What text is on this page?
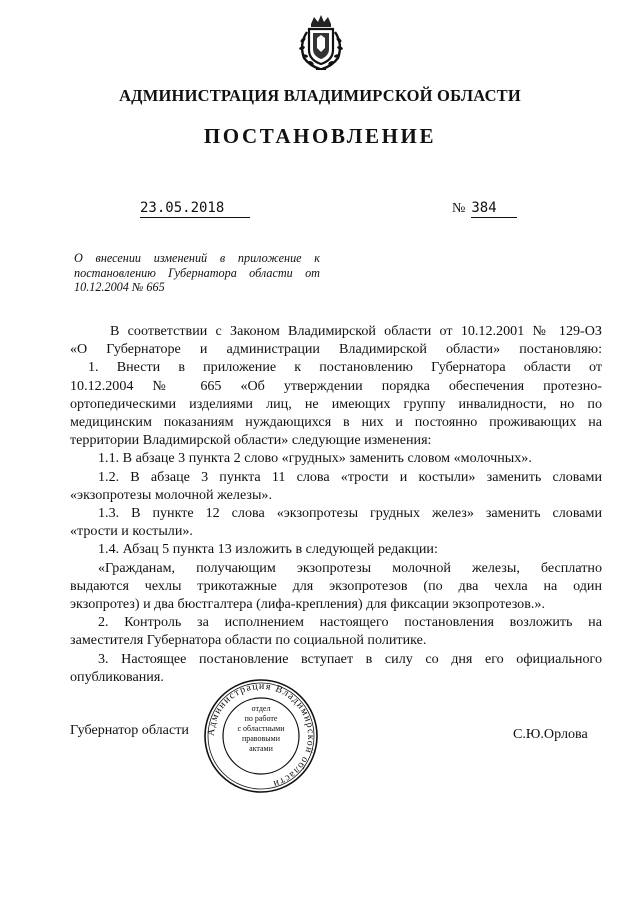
АДМИНИСТРАЦИЯ ВЛАДИМИРСКОЙ ОБЛАСТИ
ПОСТАНОВЛЕНИЕ
23.05.2018	№ 384
О внесении изменений в приложение к
постановлению Губернатора области от
10.12.2004 № 665
В соответствии с Законом Владимирской области от 10.12.2001 № 129-ОЗ
«О Губернаторе и администрации Владимирской области» постановляю:
1. Внести в приложение к постановлению Губернатора области от
10.12.2004 № 665 «Об утверждении порядка обеспечения протезно-
ортопедическими изделиями лиц, не имеющих группу инвалидности, но по
медицинским показаниям нуждающихся в них и постоянно проживающих на
территории Владимирской области» следующие изменения:
1.1. В абзаце 3 пункта 2 слово «грудных» заменить словом «молочных».
1.2. В абзаце 3 пункта 11 слова «трости и костыли» заменить словами
«экзопротезы молочной железы».
1.3. В пункте 12 слова «экзопротезы грудных желез» заменить словами
«трости и костыли».
1.4. Абзац 5 пункта 13 изложить в следующей редакции:
«Гражданам, получающим экзопротезы молочной железы, бесплатно
выдаются чехлы трикотажные для экзопротезов (по два чехла на один
экзопротез) и два бюстгалтера (лифа-крепления) для фиксации экзопротезов.».
2. Контроль за исполнением настоящего постановления возложить на
заместителя Губернатора области по социальной политике.
3. Настоящее постановление вступает в силу со дня его официального
опубликования.
Губернатор области Администрация Владимирской области
отдел
по работе
с областными
правовыми
актами
С.Ю.Орлова
